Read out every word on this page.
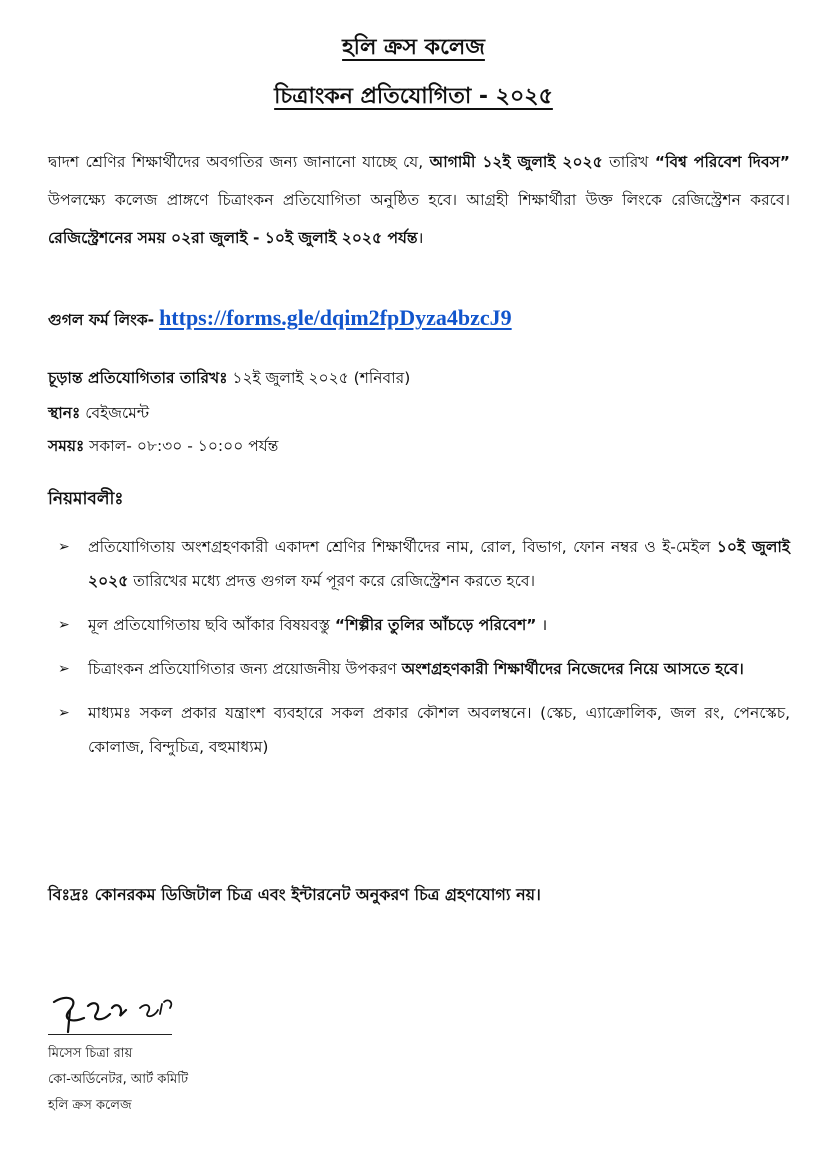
হলি ক্রস কলেজ
চিত্রাংকন প্রতিযোগিতা - ২০২৫

দ্বাদশ শ্রেণির শিক্ষার্থীদের অবগতির জন্য জানানো যাচ্ছে যে, আগামী ১২ই জুলাই ২০২৫ তারিখ “বিশ্ব পরিবেশ দিবস” উপলক্ষ্যে কলেজ প্রাঙ্গণে চিত্রাংকন প্রতিযোগিতা অনুষ্ঠিত হবে। আগ্রহী শিক্ষার্থীরা উক্ত লিংকে রেজিস্ট্রেশন করবে। রেজিস্ট্রেশনের সময় ০২রা জুলাই - ১০ই জুলাই ২০২৫ পর্যন্ত।

গুগল ফর্ম লিংক- https://forms.gle/dqim2fpDyza4bzcJ9

চূড়ান্ত প্রতিযোগিতার তারিখঃ ১২ই জুলাই ২০২৫ (শনিবার)

স্থানঃ বেইজমেন্ট

সময়ঃ সকাল- ০৮:৩০ - ১০:০০ পর্যন্ত

নিয়মাবলীঃ

➢ প্রতিযোগিতায় অংশগ্রহণকারী একাদশ শ্রেণির শিক্ষার্থীদের নাম, রোল, বিভাগ, ফোন নম্বর ও ই-মেইল ১০ই জুলাই ২০২৫ তারিখের মধ্যে প্রদত্ত গুগল ফর্ম পূরণ করে রেজিস্ট্রেশন করতে হবে।
➢ মূল প্রতিযোগিতায় ছবি আঁকার বিষয়বস্তু “শিল্পীর তুলির আঁচড়ে পরিবেশ” ।
➢ চিত্রাংকন প্রতিযোগিতার জন্য প্রয়োজনীয় উপকরণ অংশগ্রহণকারী শিক্ষার্থীদের নিজেদের নিয়ে আসতে হবে।
➢ মাধ্যমঃ সকল প্রকার যন্ত্রাংশ ব্যবহারে সকল প্রকার কৌশল অবলম্বনে। (স্কেচ, এ্যাক্রোলিক, জল রং, পেনস্কেচ, কোলাজ, বিন্দুচিত্র, বহুমাধ্যম)

বিঃদ্রঃ কোনরকম ডিজিটাল চিত্র এবং ইন্টারনেট অনুকরণ চিত্র গ্রহণযোগ্য নয়।

মিসেস চিত্রা রায়

কো-অর্ডিনেটর, আর্ট কমিটি

হলি ক্রস কলেজ
